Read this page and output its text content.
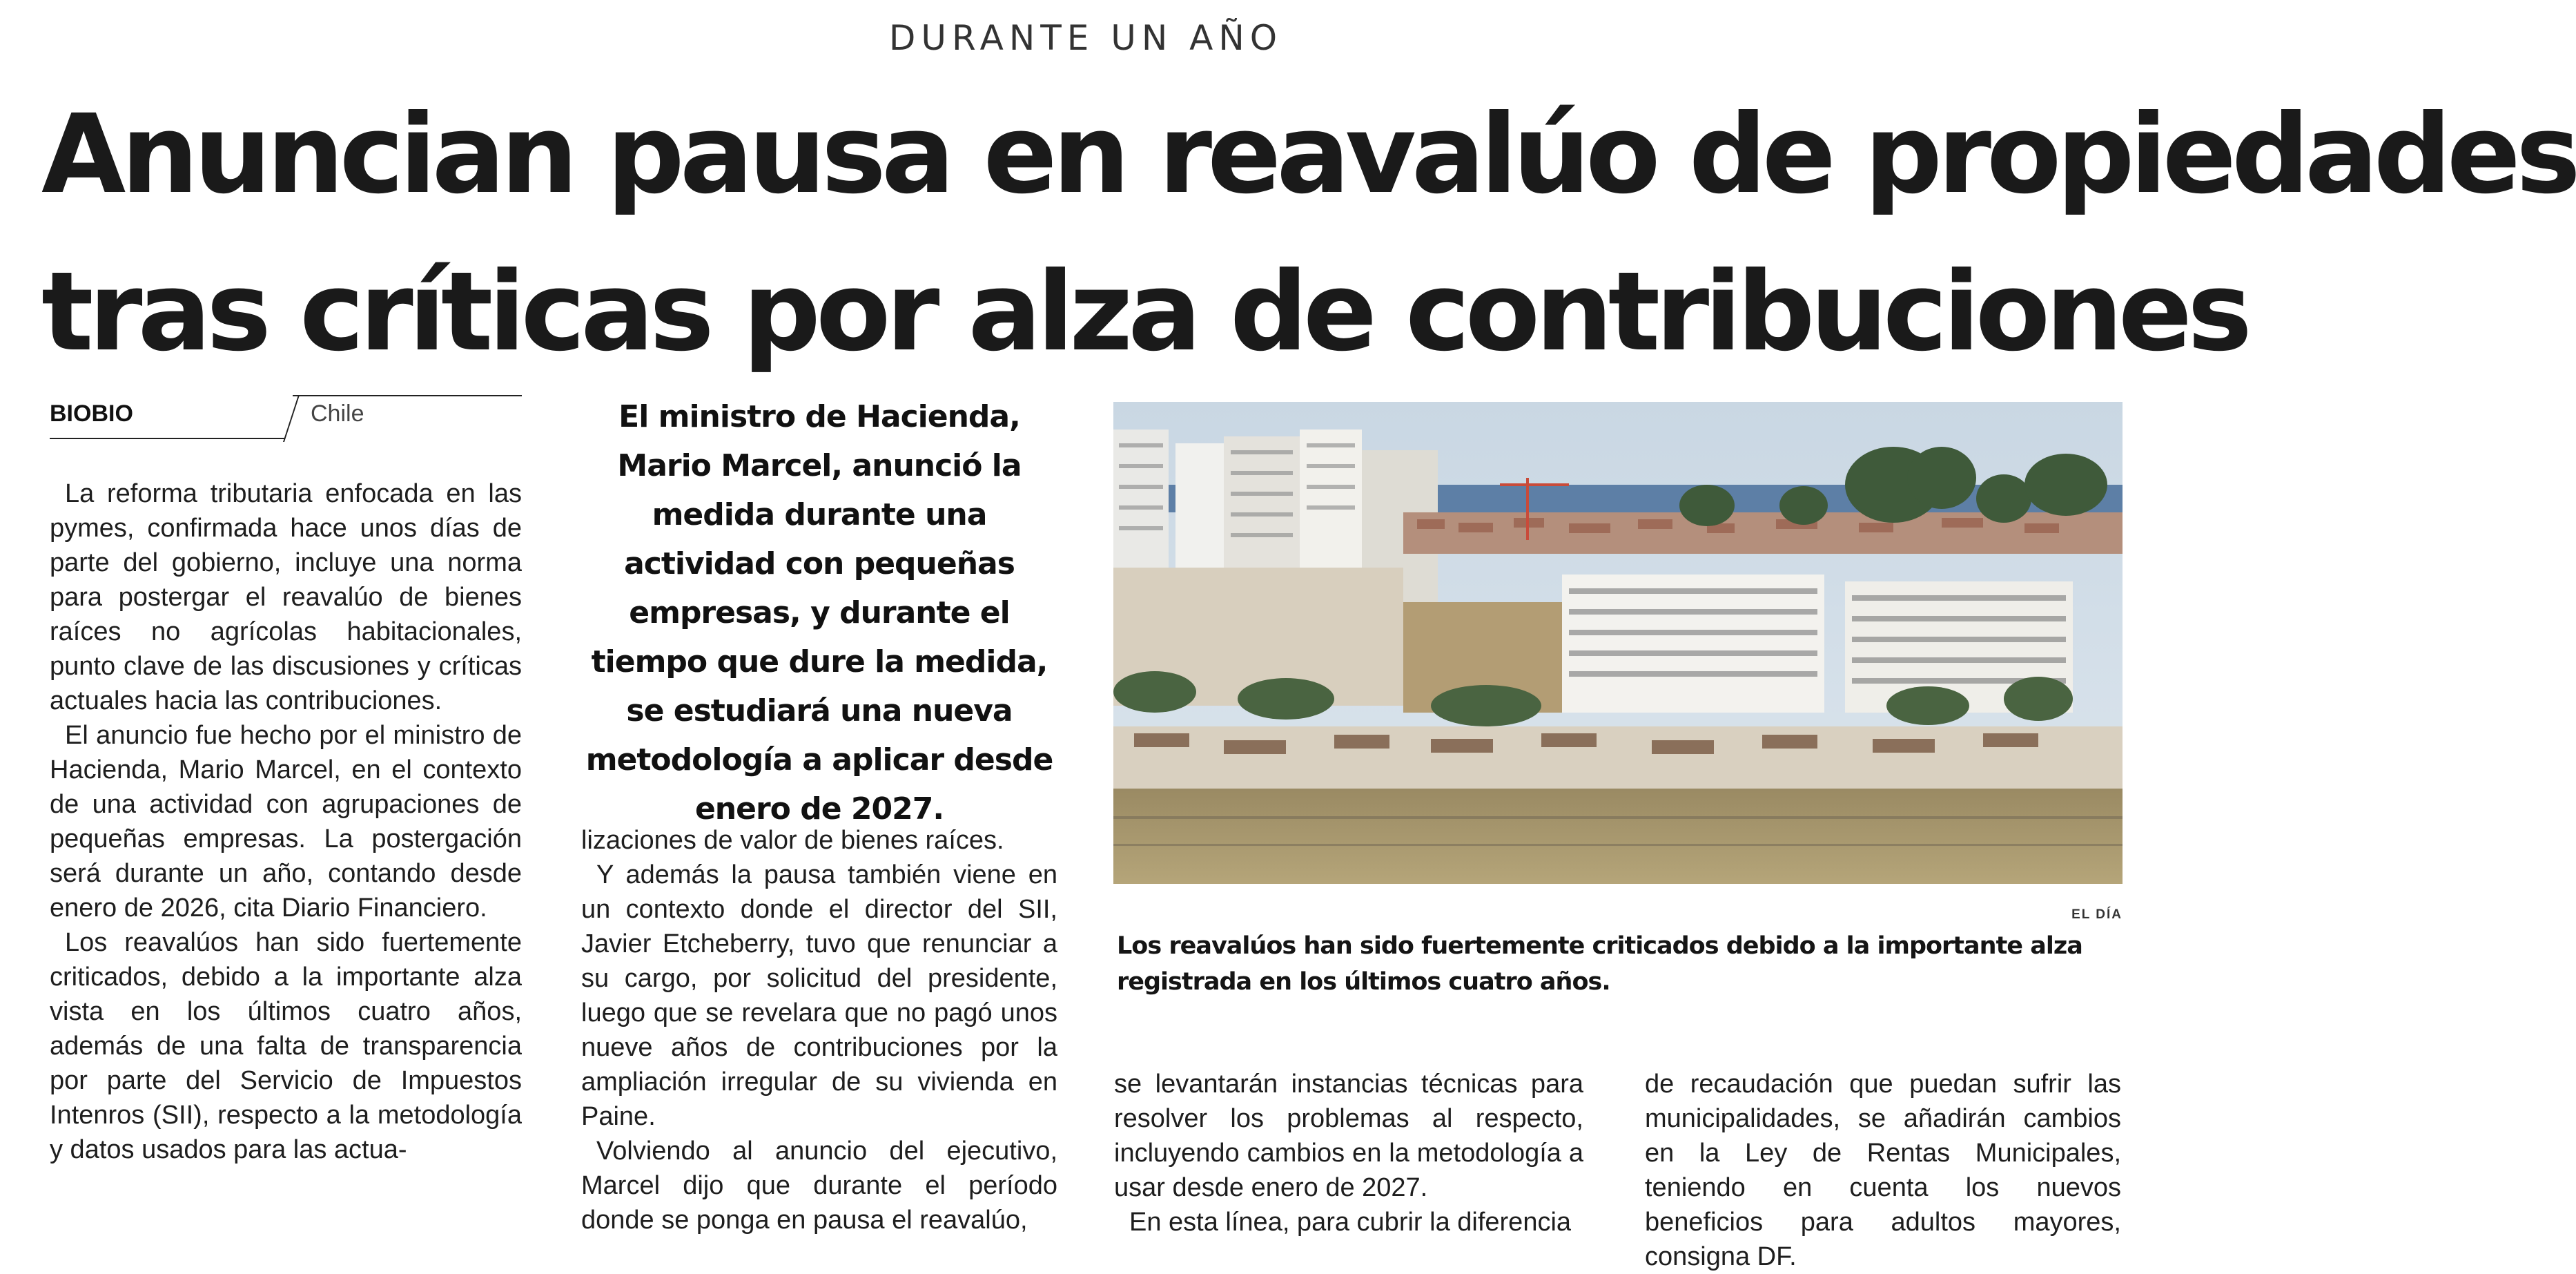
DURANTE UN AÑO
Anuncian pausa en reavalúo de propiedades
tras críticas por alza de contribuciones
BIOBIO	Chile

La reforma tributaria enfocada en las pymes, confirmada hace unos días de parte del gobierno, incluye una norma para postergar el reavalúo de bienes raíces no agrícolas habitacionales, punto clave de las discusiones y críticas actuales hacia las contribuciones.

El anuncio fue hecho por el ministro de Hacienda, Mario Marcel, en el contexto de una actividad con agrupaciones de pequeñas empresas. La postergación será durante un año, contando desde enero de 2026, cita Diario Financiero.

Los reavalúos han sido fuertemente criticados, debido a la importante alza vista en los últimos cuatro años, además de una falta de transparencia por parte del Servicio de Impuestos Intenros (SII), respecto a la metodología y datos usados para las actua-

El ministro de Hacienda, Mario Marcel, anunció la medida durante una actividad con pequeñas empresas, y durante el tiempo que dure la medida, se estudiará una nueva metodología a aplicar desde enero de 2027.

lizaciones de valor de bienes raíces.

Y además la pausa también viene en un contexto donde el director del SII, Javier Etcheberry, tuvo que renunciar a su cargo, por solicitud del presidente, luego que se revelara que no pagó unos nueve años de contribuciones por la ampliación irregular de su vivienda en Paine.

Volviendo al anuncio del ejecutivo, Marcel dijo que durante el período donde se ponga en pausa el reavalúo,

EL DÍA
Los reavalúos han sido fuertemente criticados debido a la importante alza registrada en los últimos cuatro años.

se levantarán instancias técnicas para resolver los problemas al respecto, incluyendo cambios en la metodología a usar desde enero de 2027.

En esta línea, para cubrir la diferencia

de recaudación que puedan sufrir las municipalidades, se añadirán cambios en la Ley de Rentas Municipales, teniendo en cuenta los nuevos beneficios para adultos mayores, consigna DF.
